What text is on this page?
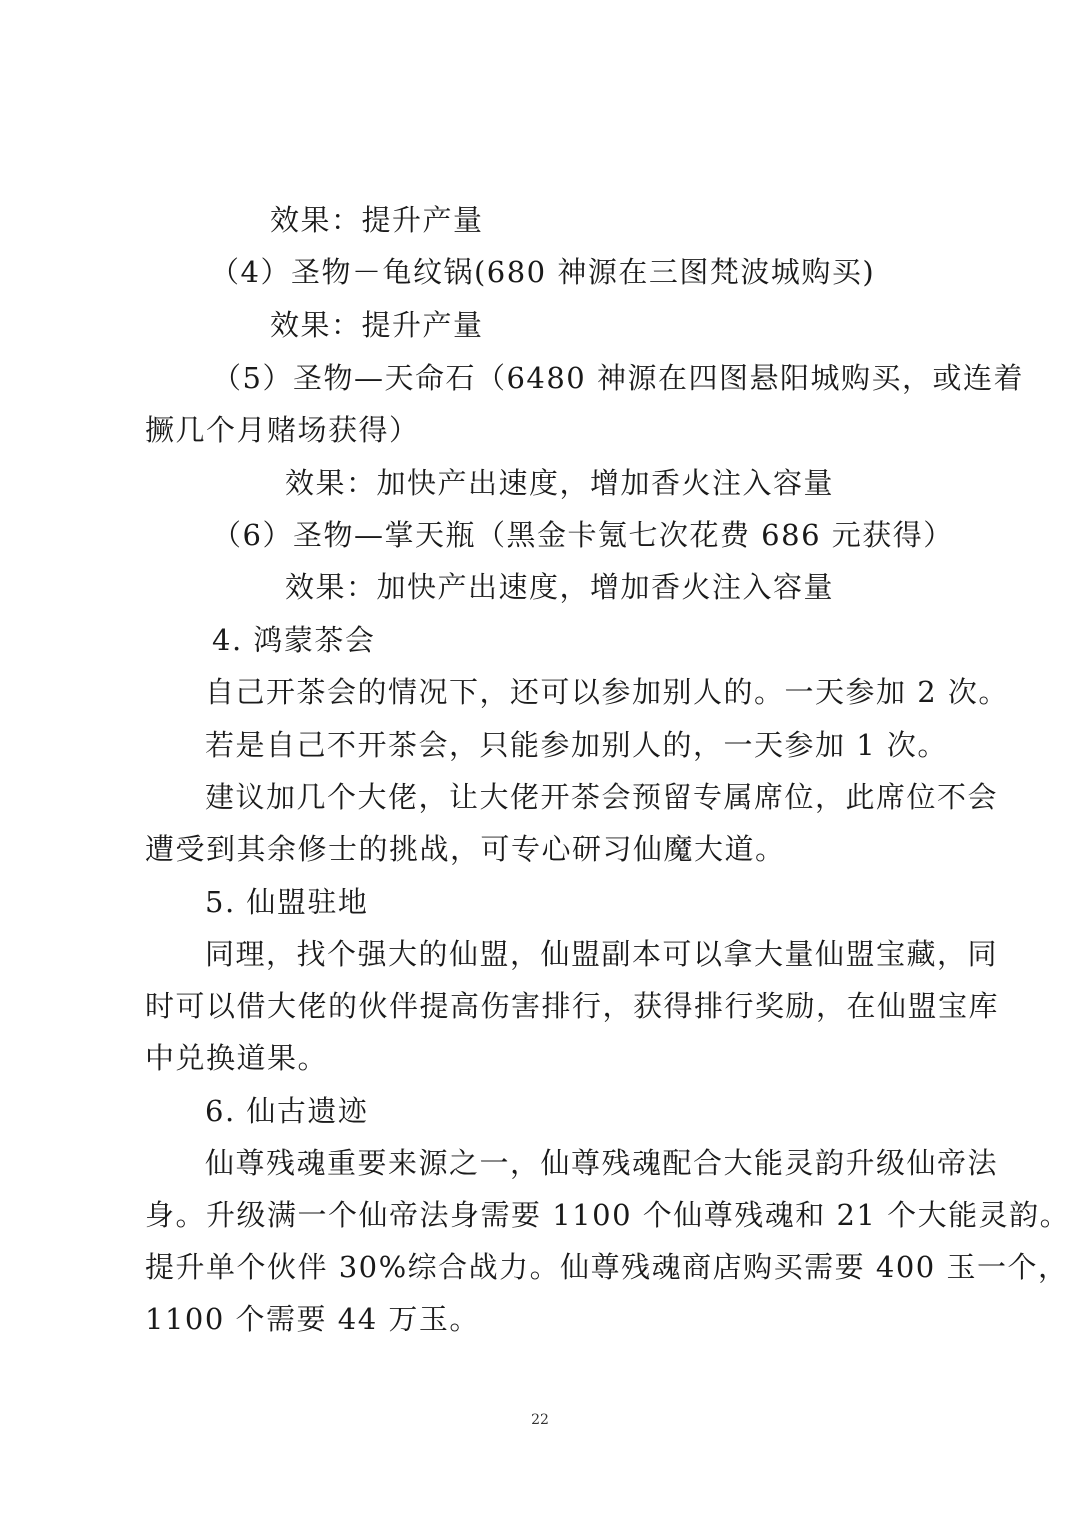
效果：提升产量

（4）圣物－龟纹锅(680 神源在三图梵波城购买)

效果：提升产量

（5）圣物—天命石（6480 神源在四图悬阳城购买，或连着

撅几个月赌场获得）

效果：加快产出速度，增加香火注入容量

（6）圣物—掌天瓶（黑金卡氪七次花费 686 元获得）

效果：加快产出速度，增加香火注入容量

4. 鸿蒙茶会

自己开茶会的情况下，还可以参加别人的。一天参加 2 次。

若是自己不开茶会，只能参加别人的，一天参加 1 次。

建议加几个大佬，让大佬开茶会预留专属席位，此席位不会

遭受到其余修士的挑战，可专心研习仙魔大道。

5. 仙盟驻地

同理，找个强大的仙盟，仙盟副本可以拿大量仙盟宝藏，同

时可以借大佬的伙伴提高伤害排行，获得排行奖励，在仙盟宝库

中兑换道果。

6. 仙古遗迹

仙尊残魂重要来源之一，仙尊残魂配合大能灵韵升级仙帝法

身。升级满一个仙帝法身需要 1100 个仙尊残魂和 21 个大能灵韵。

提升单个伙伴 30%综合战力。仙尊残魂商店购买需要 400 玉一个，

1100 个需要 44 万玉。

22
